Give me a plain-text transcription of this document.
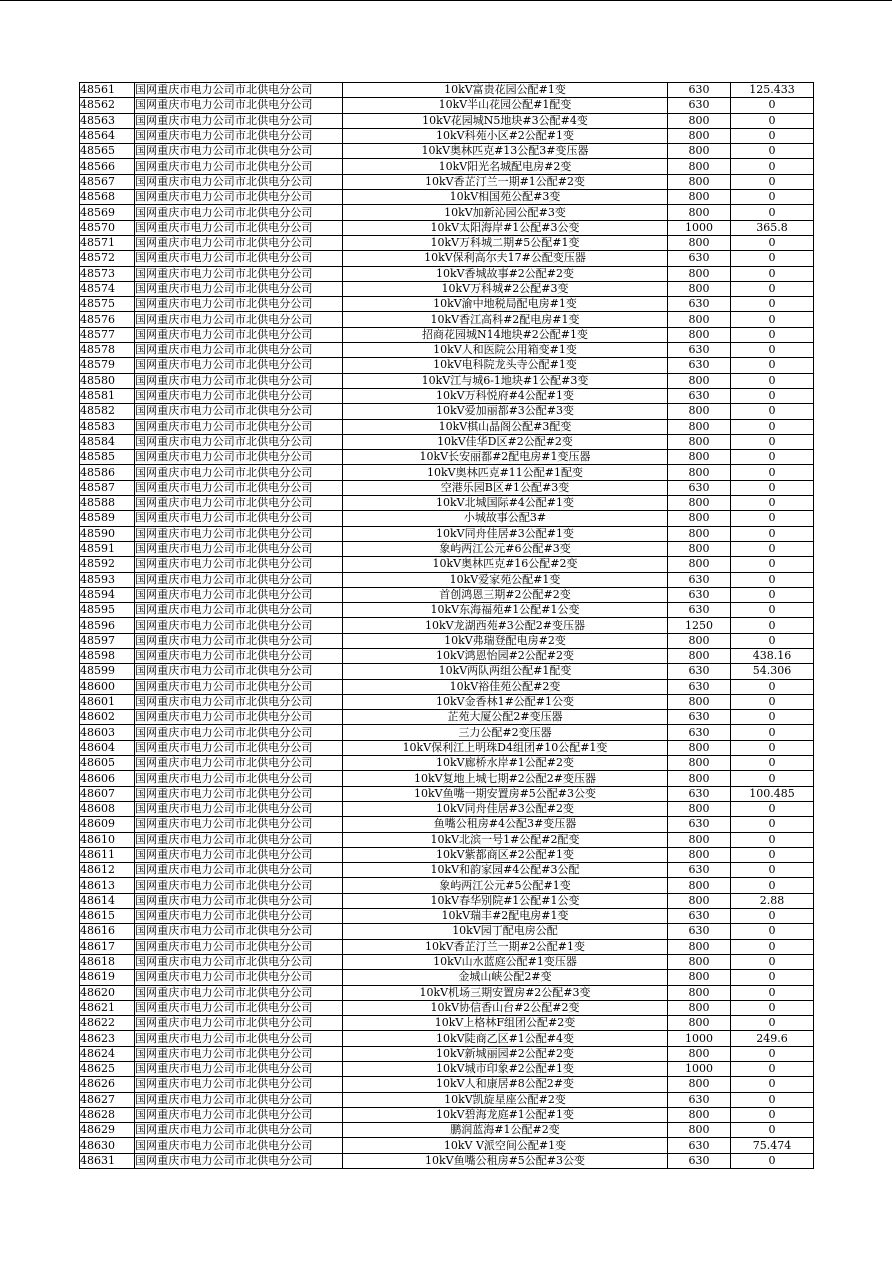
48561	国网重庆市电力公司市北供电分公司	10kV富贵花园公配#1变	630	125.433
48562	国网重庆市电力公司市北供电分公司	10kV半山花园公配#1配变	630	0
48563	国网重庆市电力公司市北供电分公司	10kV花园城N5地块#3公配#4变	800	0
48564	国网重庆市电力公司市北供电分公司	10kV科苑小区#2公配#1变	800	0
48565	国网重庆市电力公司市北供电分公司	10kV奥林匹克#13公配3#变压器	800	0
48566	国网重庆市电力公司市北供电分公司	10kV阳光名城配电房#2变	800	0
48567	国网重庆市电力公司市北供电分公司	10kV香芷汀兰一期#1公配#2变	800	0
48568	国网重庆市电力公司市北供电分公司	10kV相国苑公配#3变	800	0
48569	国网重庆市电力公司市北供电分公司	10kV加新沁园公配#3变	800	0
48570	国网重庆市电力公司市北供电分公司	10kV太阳海岸#1公配#3公变	1000	365.8
48571	国网重庆市电力公司市北供电分公司	10kV万科城二期#5公配#1变	800	0
48572	国网重庆市电力公司市北供电分公司	10kV保利高尔夫17#公配变压器	630	0
48573	国网重庆市电力公司市北供电分公司	10kV香城故事#2公配#2变	800	0
48574	国网重庆市电力公司市北供电分公司	10kV万科城#2公配#3变	800	0
48575	国网重庆市电力公司市北供电分公司	10kV渝中地税局配电房#1变	630	0
48576	国网重庆市电力公司市北供电分公司	10kV香江高科#2配电房#1变	800	0
48577	国网重庆市电力公司市北供电分公司	招商花园城N14地块#2公配#1变	800	0
48578	国网重庆市电力公司市北供电分公司	10kV人和医院公用箱变#1变	630	0
48579	国网重庆市电力公司市北供电分公司	10kV电科院龙头寺公配#1变	630	0
48580	国网重庆市电力公司市北供电分公司	10kV江与城6-1地块#1公配#3变	800	0
48581	国网重庆市电力公司市北供电分公司	10kV万科悦府#4公配#1变	630	0
48582	国网重庆市电力公司市北供电分公司	10kV爱加丽都#3公配#3变	800	0
48583	国网重庆市电力公司市北供电分公司	10kV棋山晶阁公配#3配变	800	0
48584	国网重庆市电力公司市北供电分公司	10kV佳华D区#2公配#2变	800	0
48585	国网重庆市电力公司市北供电分公司	10kV长安丽都#2配电房#1变压器	800	0
48586	国网重庆市电力公司市北供电分公司	10kV奥林匹克#11公配#1配变	800	0
48587	国网重庆市电力公司市北供电分公司	空港乐园B区#1公配#3变	630	0
48588	国网重庆市电力公司市北供电分公司	10kV北城国际#4公配#1变	800	0
48589	国网重庆市电力公司市北供电分公司	小城故事公配3#	800	0
48590	国网重庆市电力公司市北供电分公司	10kV同舟佳居#3公配#1变	800	0
48591	国网重庆市电力公司市北供电分公司	象屿两江公元#6公配#3变	800	0
48592	国网重庆市电力公司市北供电分公司	10kV奥林匹克#16公配#2变	800	0
48593	国网重庆市电力公司市北供电分公司	10kV爱家苑公配#1变	630	0
48594	国网重庆市电力公司市北供电分公司	首创鸿恩三期#2公配#2变	630	0
48595	国网重庆市电力公司市北供电分公司	10kV东海福苑#1公配#1公变	630	0
48596	国网重庆市电力公司市北供电分公司	10kV龙湖西苑#3公配2#变压器	1250	0
48597	国网重庆市电力公司市北供电分公司	10kV弗瑞登配电房#2变	800	0
48598	国网重庆市电力公司市北供电分公司	10kV鸿恩怡园#2公配#2变	800	438.16
48599	国网重庆市电力公司市北供电分公司	10kV两队两组公配#1配变	630	54.306
48600	国网重庆市电力公司市北供电分公司	10kV裕佳苑公配#2变	630	0
48601	国网重庆市电力公司市北供电分公司	10kV金香林1#公配#1公变	800	0
48602	国网重庆市电力公司市北供电分公司	芷苑大厦公配2#变压器	630	0
48603	国网重庆市电力公司市北供电分公司	三力公配#2变压器	630	0
48604	国网重庆市电力公司市北供电分公司	10kV保利江上明珠D4组团#10公配#1变	800	0
48605	国网重庆市电力公司市北供电分公司	10kV廊桥水岸#1公配#2变	800	0
48606	国网重庆市电力公司市北供电分公司	10kV复地上城七期#2公配2#变压器	800	0
48607	国网重庆市电力公司市北供电分公司	10kV鱼嘴一期安置房#5公配#3公变	630	100.485
48608	国网重庆市电力公司市北供电分公司	10kV同舟佳居#3公配#2变	800	0
48609	国网重庆市电力公司市北供电分公司	鱼嘴公租房#4公配3#变压器	630	0
48610	国网重庆市电力公司市北供电分公司	10kV北滨一号1#公配#2配变	800	0
48611	国网重庆市电力公司市北供电分公司	10kV紫都商区#2公配#1变	800	0
48612	国网重庆市电力公司市北供电分公司	10kV和韵家园#4公配#3公配	630	0
48613	国网重庆市电力公司市北供电分公司	象屿两江公元#5公配#1变	800	0
48614	国网重庆市电力公司市北供电分公司	10kV春华别院#1公配#1公变	800	2.88
48615	国网重庆市电力公司市北供电分公司	10kV瑞丰#2配电房#1变	630	0
48616	国网重庆市电力公司市北供电分公司	10kV园丁配电房公配	630	0
48617	国网重庆市电力公司市北供电分公司	10kV香芷汀兰一期#2公配#1变	800	0
48618	国网重庆市电力公司市北供电分公司	10kV山水蓝庭公配#1变压器	800	0
48619	国网重庆市电力公司市北供电分公司	金城山峡公配2#变	800	0
48620	国网重庆市电力公司市北供电分公司	10kV机场三期安置房#2公配#3变	800	0
48621	国网重庆市电力公司市北供电分公司	10kV协信香山台#2公配#2变	800	0
48622	国网重庆市电力公司市北供电分公司	10kV上格林F组团公配#2变	800	0
48623	国网重庆市电力公司市北供电分公司	10kV陡商乙区#1公配#4变	1000	249.6
48624	国网重庆市电力公司市北供电分公司	10kV新城丽园#2公配#2变	800	0
48625	国网重庆市电力公司市北供电分公司	10kV城市印象#2公配#1变	1000	0
48626	国网重庆市电力公司市北供电分公司	10kV人和康居#8公配2#变	800	0
48627	国网重庆市电力公司市北供电分公司	10kV凯旋星座公配#2变	630	0
48628	国网重庆市电力公司市北供电分公司	10kV碧海龙庭#1公配#1变	800	0
48629	国网重庆市电力公司市北供电分公司	鹏润蓝海#1公配#2变	800	0
48630	国网重庆市电力公司市北供电分公司	10kV V派空间公配#1变	630	75.474
48631	国网重庆市电力公司市北供电分公司	10kV鱼嘴公租房#5公配#3公变	630	0
